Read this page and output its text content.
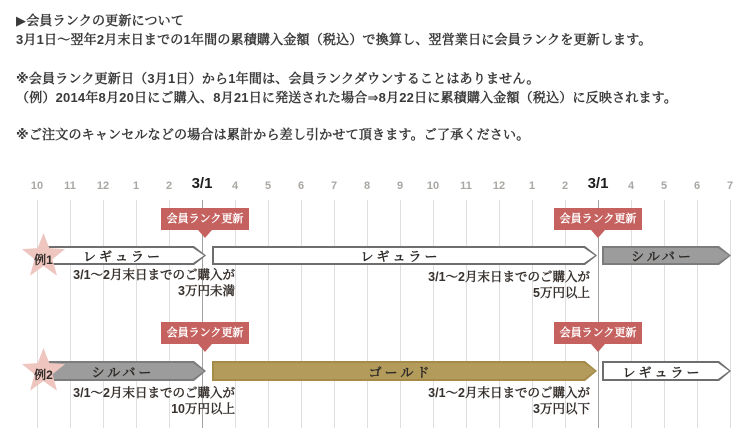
▶会員ランクの更新について
3月1日～翌年2月末日までの1年間の累積購入金額（税込）で換算し、翌営業日に会員ランクを更新します。
※会員ランク更新日（3月1日）から1年間は、会員ランクダウンすることはありません。
（例）2014年8月20日にご購入、8月21日に発送された場合⇒8月22日に累積購入金額（税込）に反映されます。
※ご注文のキャンセルなどの場合は累計から差し引かせて頂きます。ご了承ください。
10 11 12 1 2 3/1 4 5 6 7 8 9 10 11 12 1 2 3/1 4 5 6 7
会員ランク更新	会員ランク更新
会員ランク更新	会員ランク更新
レギュラー	レギュラー	シルバー
例1
3/1～2月末日までのご購入が
3万円未満
3/1～2月末日までのご購入が
5万円以上
シルバー	ゴールド	レギュラー
例2
3/1～2月末日までのご購入が
10万円以上
3/1～2月末日までのご購入が
3万円以下
